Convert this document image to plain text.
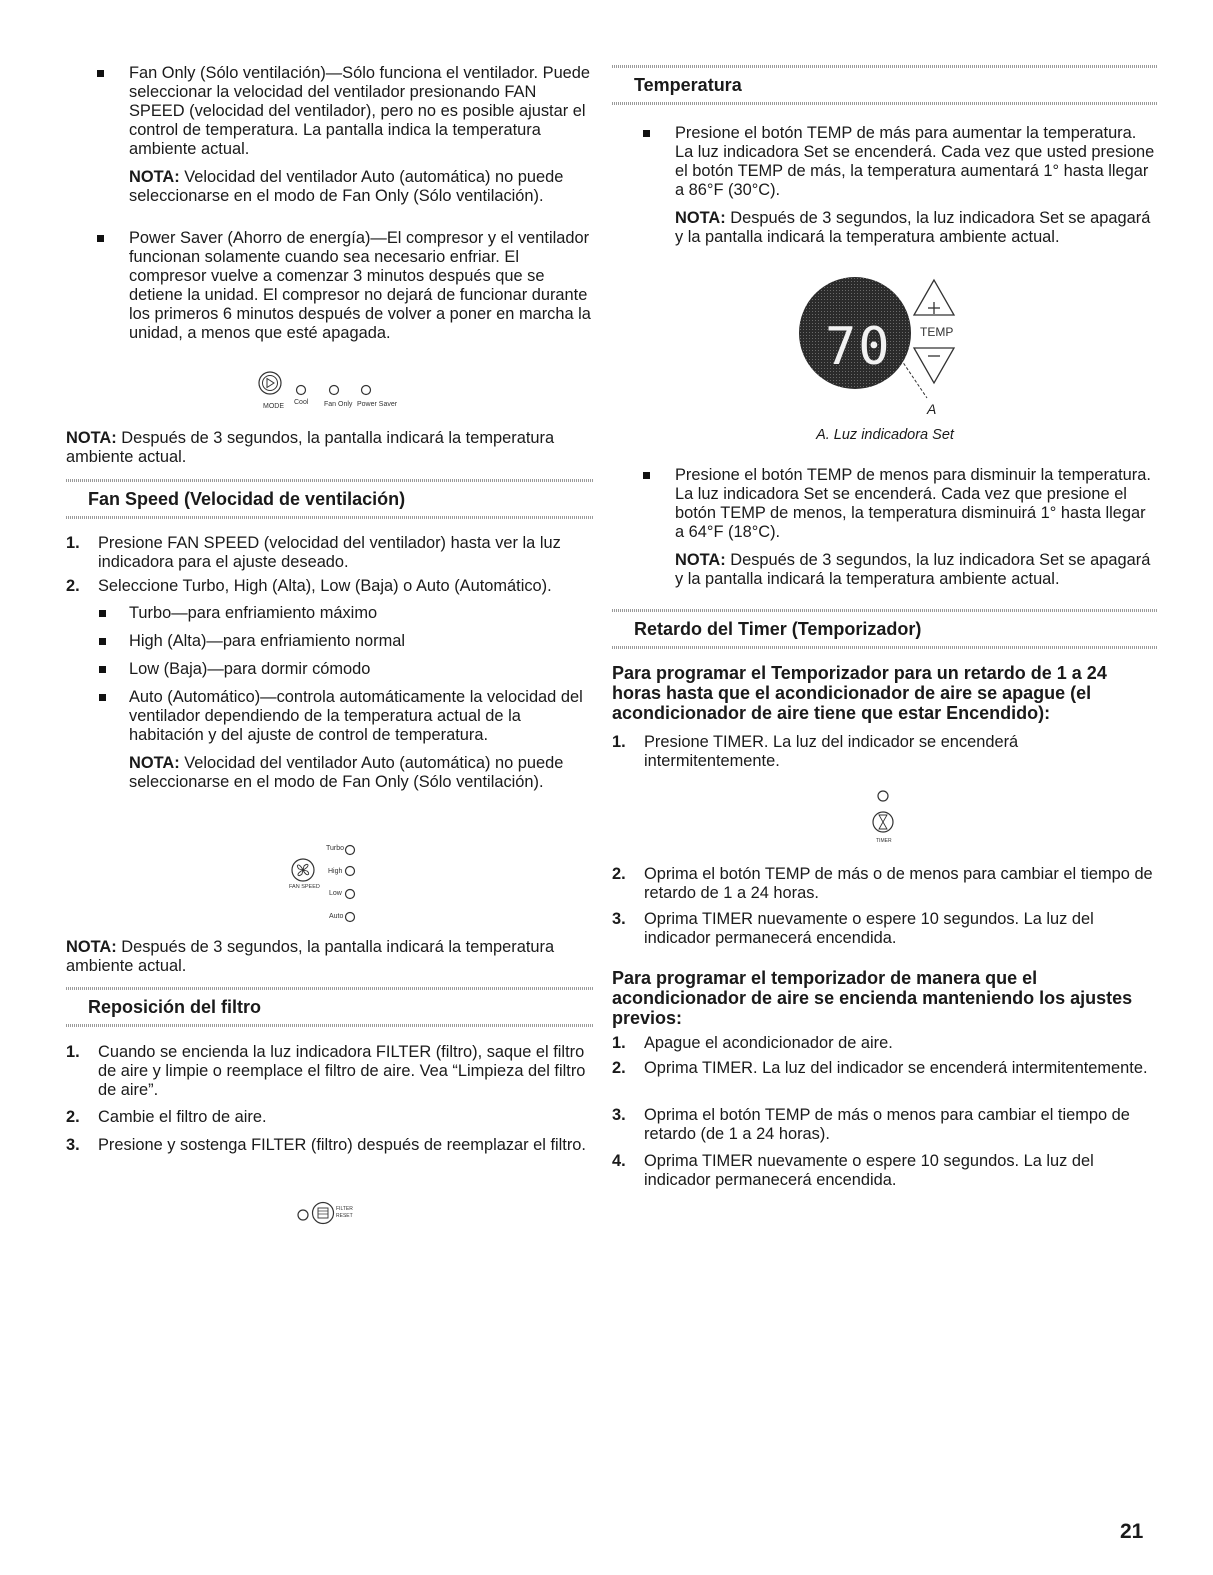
Fan Only (Sólo ventilación)—Sólo funciona el ventilador. Puede seleccionar la velocidad del ventilador presionando FAN SPEED (velocidad del ventilador), pero no es posible ajustar el control de temperatura. La pantalla indica la temperatura ambiente actual.

NOTA: Velocidad del ventilador Auto (automática) no puede seleccionarse en el modo de Fan Only (Sólo ventilación).

Power Saver (Ahorro de energía)—El compresor y el ventilador funcionan solamente cuando sea necesario enfriar. El compresor vuelve a comenzar 3 minutos después que se detiene la unidad. El compresor no dejará de funcionar durante los primeros 6 minutos después de volver a poner en marcha la unidad, a menos que esté apagada.

MODE
Cool Fan Only Power Saver

NOTA: Después de 3 segundos, la pantalla indicará la temperatura ambiente actual.

Fan Speed (Velocidad de ventilación)
1. Presione FAN SPEED (velocidad del ventilador) hasta ver la luz indicadora para el ajuste deseado.
2. Seleccione Turbo, High (Alta), Low (Baja) o Auto (Automático).

Turbo—para enfriamiento máximo

High (Alta)—para enfriamiento normal

Low (Baja)—para dormir cómodo

Auto (Automático)—controla automáticamente la velocidad del ventilador dependiendo de la temperatura actual de la habitación y del ajuste de control de temperatura.

NOTA: Velocidad del ventilador Auto (automática) no puede seleccionarse en el modo de Fan Only (Sólo ventilación).

Turbo
High
FAN SPEED
Low
Auto

NOTA: Después de 3 segundos, la pantalla indicará la temperatura ambiente actual.

Reposición del filtro
1. Cuando se encienda la luz indicadora FILTER (filtro), saque el filtro de aire y limpie o reemplace el filtro de aire. Vea “Limpieza del filtro de aire”.
2. Cambie el filtro de aire.
3. Presione y sostenga FILTER (filtro) después de reemplazar el filtro.
FILTER
RESET
Temperatura

Presione el botón TEMP de más para aumentar la temperatura. La luz indicadora Set se encenderá. Cada vez que usted presione el botón TEMP de más, la temperatura aumentará 1° hasta llegar a 86°F (30°C).

NOTA: Después de 3 segundos, la luz indicadora Set se apagará y la pantalla indicará la temperatura ambiente actual.

70 TEMP
A
A. Luz indicadora Set

Presione el botón TEMP de menos para disminuir la temperatura. La luz indicadora Set se encenderá. Cada vez que presione el botón TEMP de menos, la temperatura disminuirá 1° hasta llegar a 64°F (18°C).

NOTA: Después de 3 segundos, la luz indicadora Set se apagará y la pantalla indicará la temperatura ambiente actual.

Retardo del Timer (Temporizador)

Para programar el Temporizador para un retardo de 1 a 24 horas hasta que el acondicionador de aire se apague (el acondicionador de aire tiene que estar Encendido):

1. Presione TIMER. La luz del indicador se encenderá intermitentemente.
TIMER
2. Oprima el botón TEMP de más o de menos para cambiar el tiempo de retardo de 1 a 24 horas.
3. Oprima TIMER nuevamente o espere 10 segundos. La luz del indicador permanecerá encendida.

Para programar el temporizador de manera que el acondicionador de aire se encienda manteniendo los ajustes previos:

1. Apague el acondicionador de aire.
2. Oprima TIMER. La luz del indicador se encenderá intermitentemente.
3. Oprima el botón TEMP de más o menos para cambiar el tiempo de retardo (de 1 a 24 horas).
4. Oprima TIMER nuevamente o espere 10 segundos. La luz del indicador permanecerá encendida.
21
